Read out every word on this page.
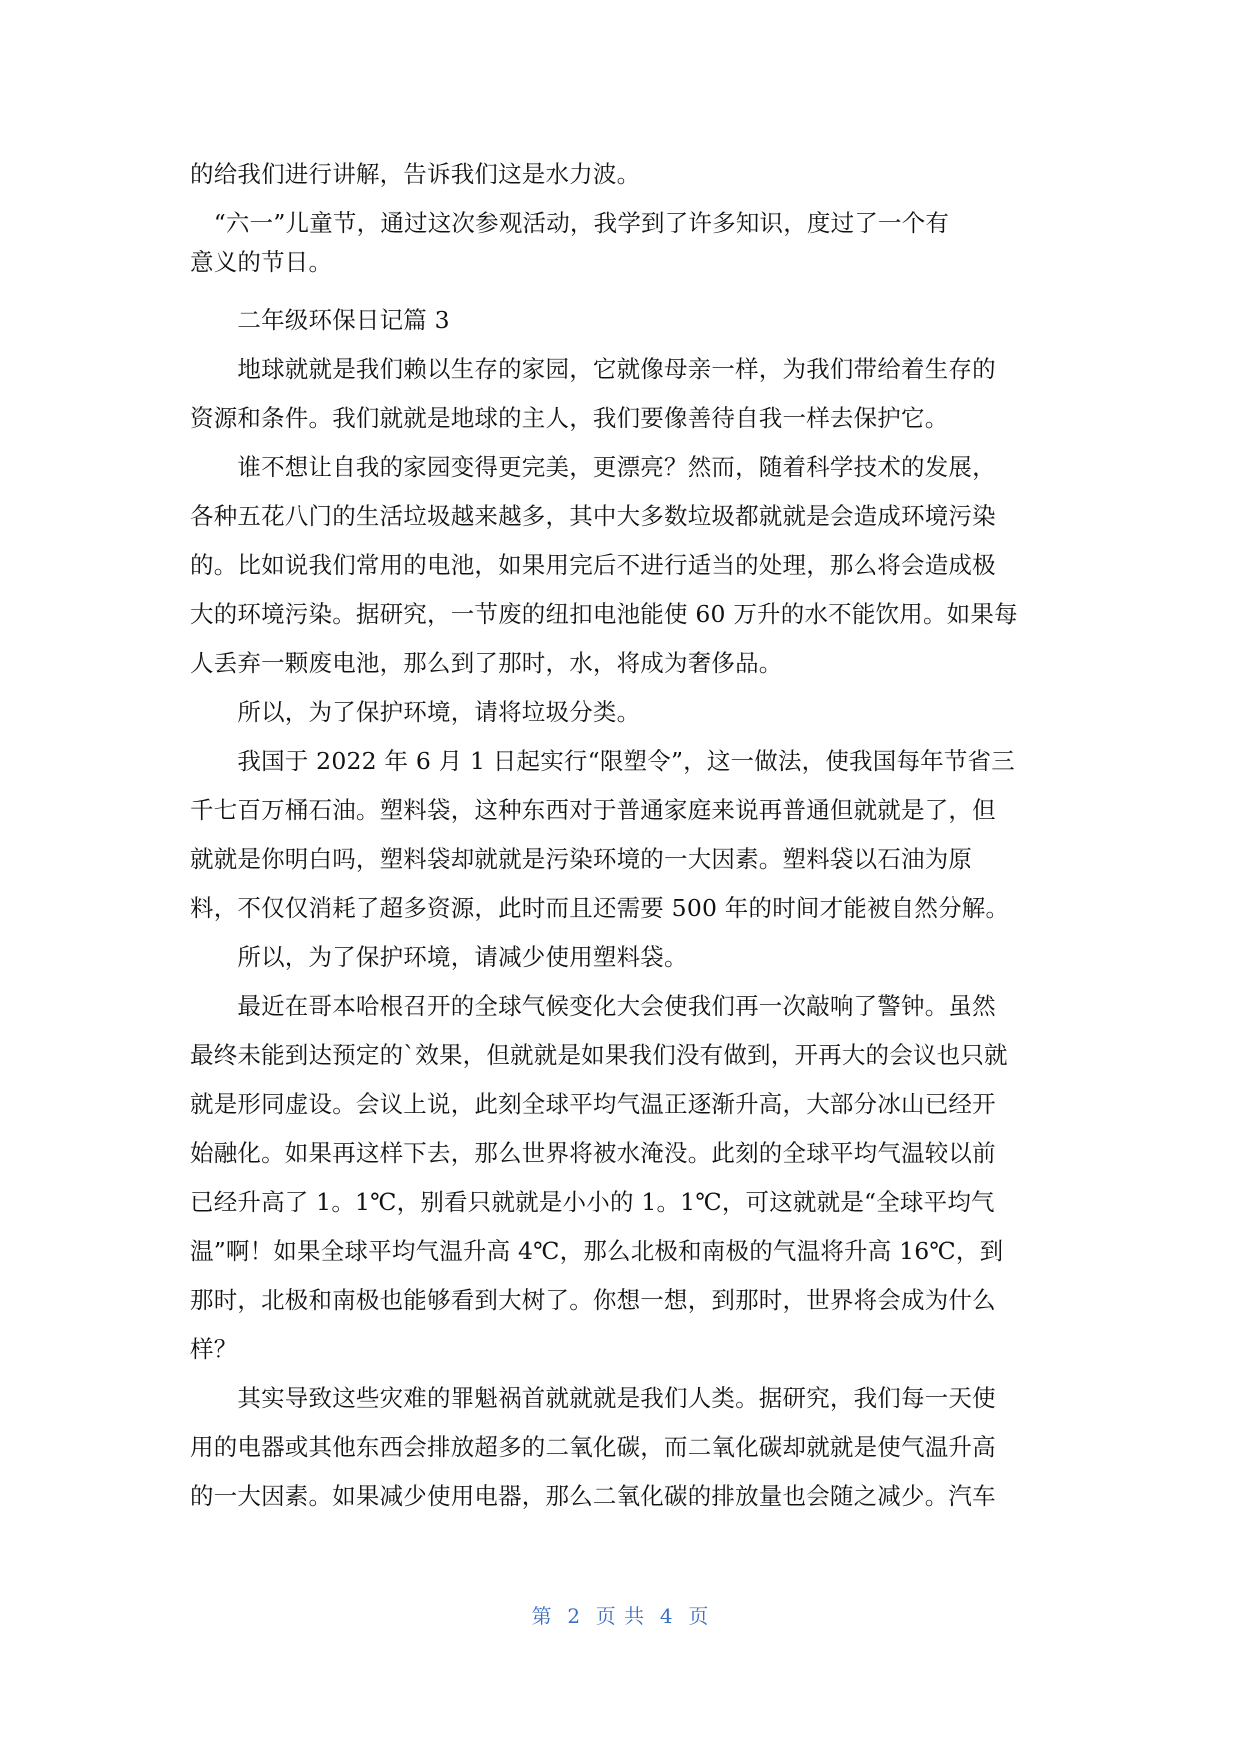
的给我们进行讲解，告诉我们这是水力波。
　“六一”儿童节，通过这次参观活动，我学到了许多知识，度过了一个有
意义的节日。
　　二年级环保日记篇 3
　　地球就就是我们赖以生存的家园，它就像母亲一样，为我们带给着生存的
资源和条件。我们就就是地球的主人，我们要像善待自我一样去保护它。
　　谁不想让自我的家园变得更完美，更漂亮？然而，随着科学技术的发展，
各种五花八门的生活垃圾越来越多，其中大多数垃圾都就就是会造成环境污染
的。比如说我们常用的电池，如果用完后不进行适当的处理，那么将会造成极
大的环境污染。据研究，一节废的纽扣电池能使 60 万升的水不能饮用。如果每
人丢弃一颗废电池，那么到了那时，水，将成为奢侈品。
　　所以，为了保护环境，请将垃圾分类。
　　我国于 2022 年 6 月 1 日起实行“限塑令”，这一做法，使我国每年节省三
千七百万桶石油。塑料袋，这种东西对于普通家庭来说再普通但就就是了，但
就就是你明白吗，塑料袋却就就是污染环境的一大因素。塑料袋以石油为原
料，不仅仅消耗了超多资源，此时而且还需要 500 年的时间才能被自然分解。
　　所以，为了保护环境，请减少使用塑料袋。
　　最近在哥本哈根召开的全球气候变化大会使我们再一次敲响了警钟。虽然
最终未能到达预定的`效果，但就就是如果我们没有做到，开再大的会议也只就
就是形同虚设。会议上说，此刻全球平均气温正逐渐升高，大部分冰山已经开
始融化。如果再这样下去，那么世界将被水淹没。此刻的全球平均气温较以前
已经升高了 1。1℃，别看只就就是小小的 1。1℃，可这就就是“全球平均气
温”啊！如果全球平均气温升高 4℃，那么北极和南极的气温将升高 16℃，到
那时，北极和南极也能够看到大树了。你想一想，到那时，世界将会成为什么
样？
　　其实导致这些灾难的罪魁祸首就就就是我们人类。据研究，我们每一天使
用的电器或其他东西会排放超多的二氧化碳，而二氧化碳却就就是使气温升高
的一大因素。如果减少使用电器，那么二氧化碳的排放量也会随之减少。汽车
第  2  页 共  4  页
